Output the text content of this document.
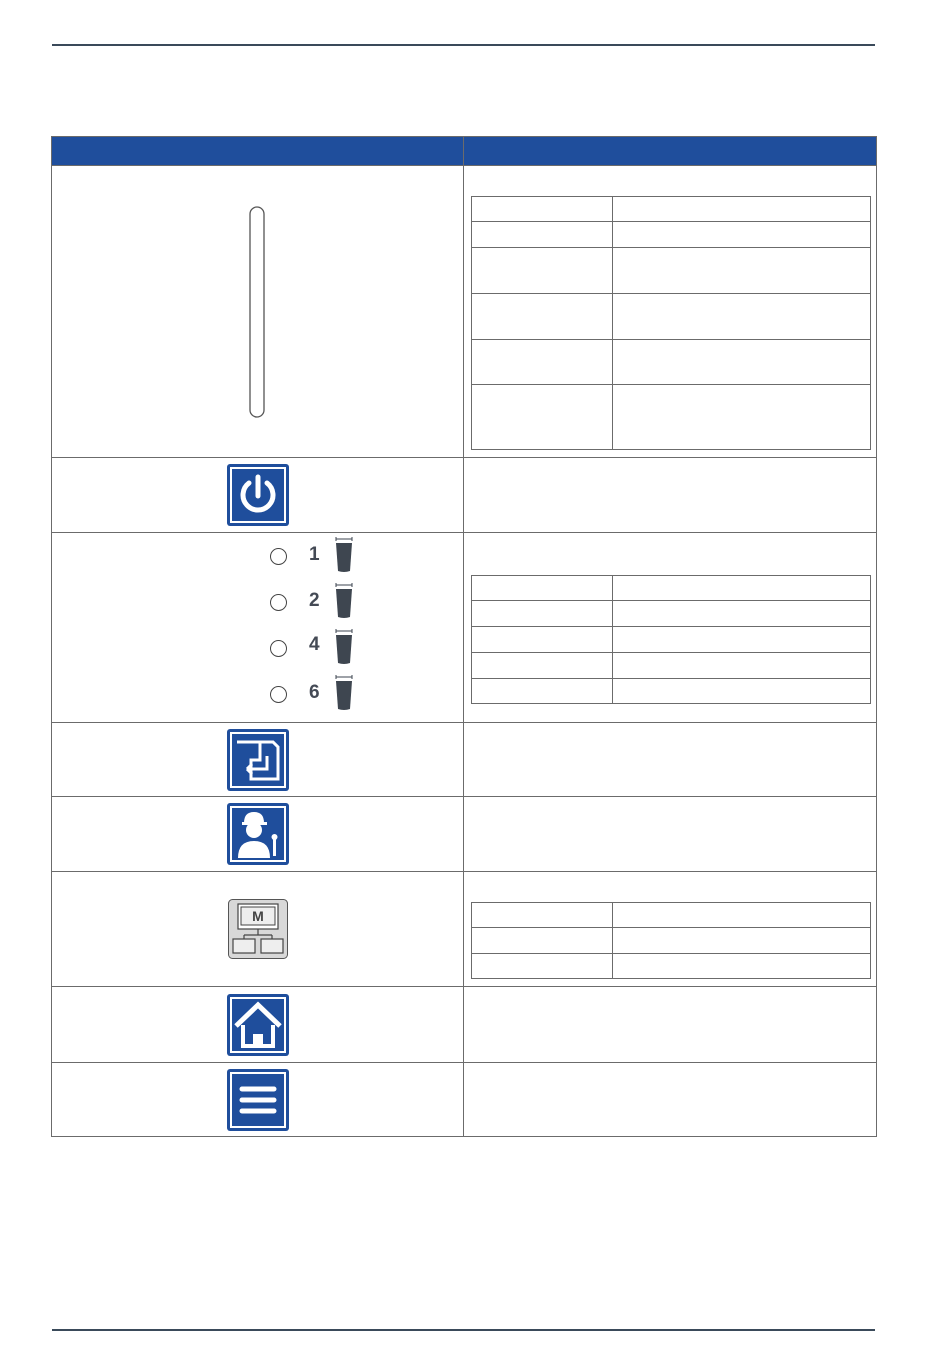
1
2
4
6

M
